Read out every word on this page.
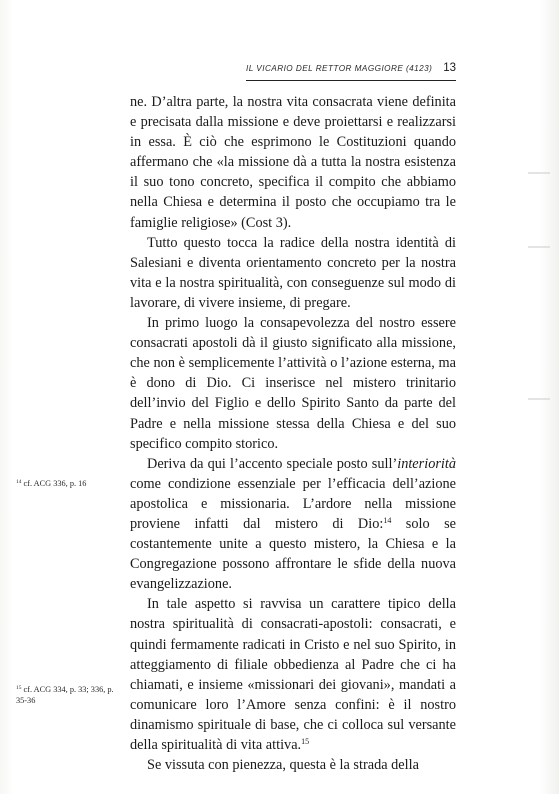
IL VICARIO DEL RETTOR MAGGIORE (4123) 13

ne. D’altra parte, la nostra vita consacrata viene definita e precisata dalla missione e deve proiettarsi e realizzarsi in essa. È ciò che esprimono le Costituzioni quando affermano che «la missione dà a tutta la nostra esistenza il suo tono concreto, specifica il compito che abbiamo nella Chiesa e determina il posto che occupiamo tra le famiglie religiose» (Cost 3).

Tutto questo tocca la radice della nostra identità di Salesiani e diventa orientamento concreto per la nostra vita e la nostra spiritualità, con conseguenze sul modo di lavorare, di vivere insieme, di pregare.

In primo luogo la consapevolezza del nostro essere consacrati apostoli dà il giusto significato alla missione, che non è semplicemente l’attività o l’azione esterna, ma è dono di Dio. Ci inserisce nel mistero trinitario dell’invio del Figlio e dello Spirito Santo da parte del Padre e nella missione stessa della Chiesa e del suo specifico compito storico.

Deriva da qui l’accento speciale posto sull’interiorità come condizione essenziale per l’efficacia dell’azione apostolica e missionaria. L’ardore nella missione proviene infatti dal mistero di Dio:$^{14}$ solo se costantemente unite a questo mistero, la Chiesa e la Congregazione possono affrontare le sfide della nuova evangelizzazione.

In tale aspetto si ravvisa un carattere tipico della nostra spiritualità di consacrati-apostoli: consacrati, e quindi fermamente radicati in Cristo e nel suo Spirito, in atteggiamento di filiale obbedienza al Padre che ci ha chiamati, e insieme «missionari dei giovani», mandati a comunicare loro l’Amore senza confini: è il nostro dinamismo spirituale di base, che ci colloca sul versante della spiritualità di vita attiva.$^{15}$

Se vissuta con pienezza, questa è la strada della

$^{14}$ cf. ACG 336, p. 16
$^{15}$ cf. ACG 334, p. 33; 336, p. 35-36
